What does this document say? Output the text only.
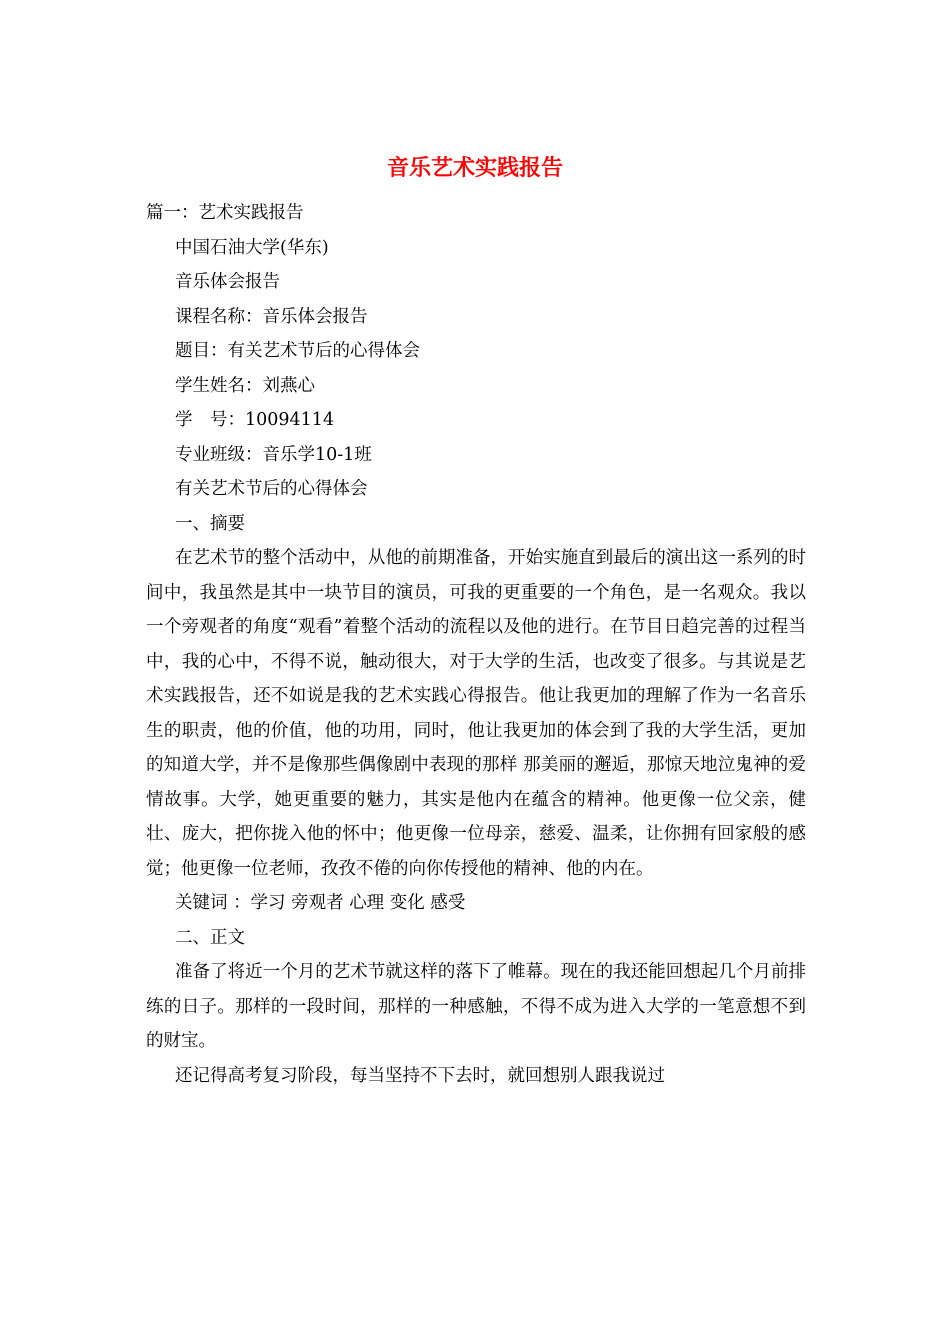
音乐艺术实践报告

篇一：艺术实践报告

中国石油大学(华东)

音乐体会报告

课程名称：音乐体会报告

题目：有关艺术节后的心得体会

学生姓名：刘燕心

学　号：10094114

专业班级：音乐学10-1班

有关艺术节后的心得体会

一、摘要

在艺术节的整个活动中，从他的前期准备，开始实施直到最后的演出这一系列的时间中，我虽然是其中一块节目的演员，可我的更重要的一个角色，是一名观众。我以一个旁观者的角度“观看”着整个活动的流程以及他的进行。在节目日趋完善的过程当中，我的心中，不得不说，触动很大，对于大学的生活，也改变了很多。与其说是艺术实践报告，还不如说是我的艺术实践心得报告。他让我更加的理解了作为一名音乐生的职责，他的价值，他的功用，同时，他让我更加的体会到了我的大学生活，更加的知道大学，并不是像那些偶像剧中表现的那样 那美丽的邂逅，那惊天地泣鬼神的爱情故事。大学，她更重要的魅力，其实是他内在蕴含的精神。他更像一位父亲，健壮、庞大，把你拢入他的怀中；他更像一位母亲，慈爱、温柔，让你拥有回家般的感觉；他更像一位老师，孜孜不倦的向你传授他的精神、他的内在。

关键词 ：学习 旁观者 心理 变化 感受

二、正文

准备了将近一个月的艺术节就这样的落下了帷幕。现在的我还能回想起几个月前排练的日子。那样的一段时间，那样的一种感触，不得不成为进入大学的一笔意想不到的财宝。

还记得高考复习阶段，每当坚持不下去时，就回想别人跟我说过
